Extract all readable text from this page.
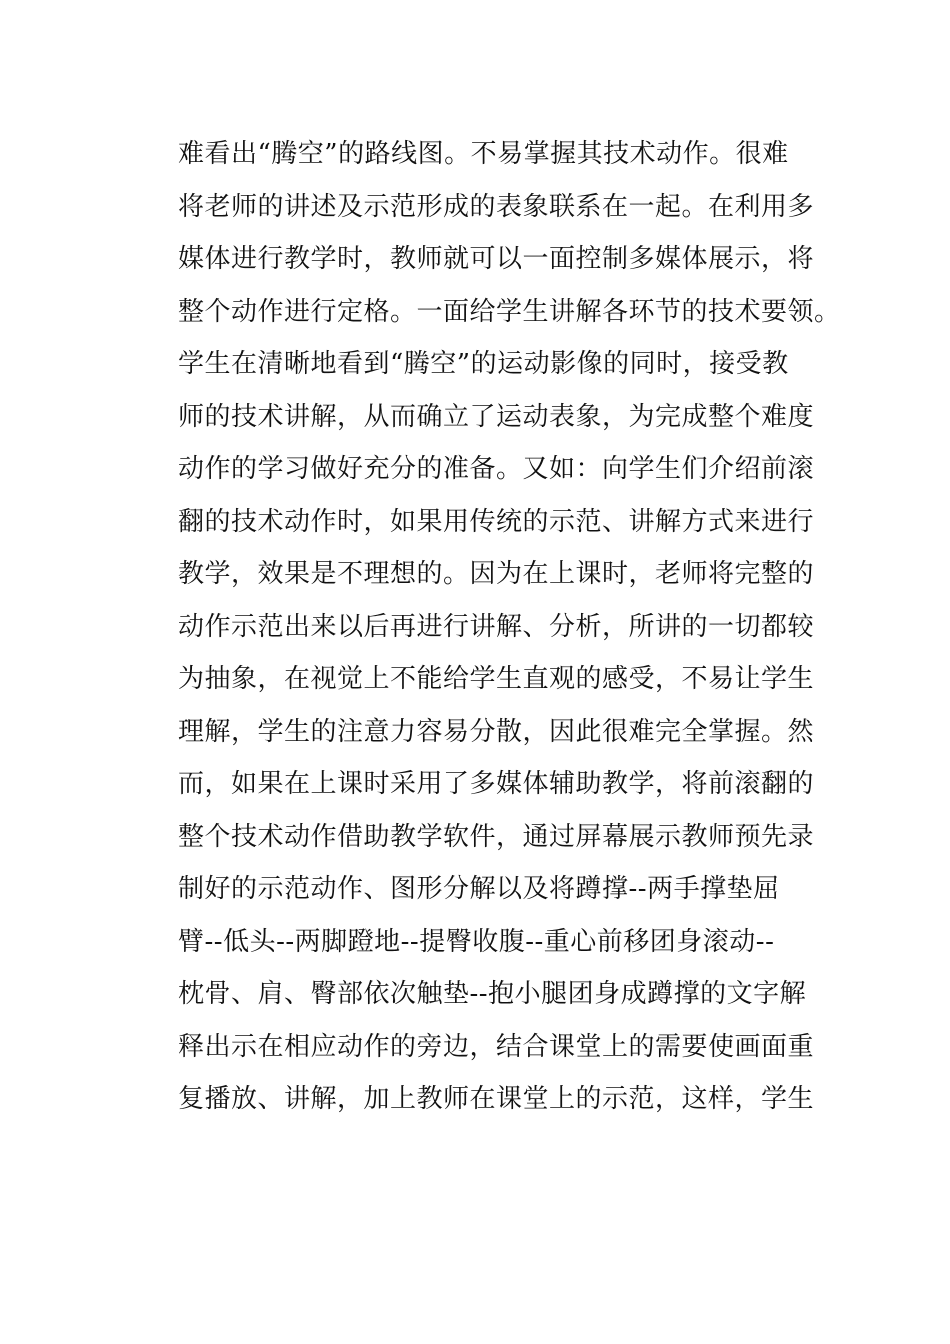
难看出“腾空”的路线图。不易掌握其技术动作。很难
将老师的讲述及示范形成的表象联系在一起。在利用多
媒体进行教学时，教师就可以一面控制多媒体展示，将
整个动作进行定格。一面给学生讲解各环节的技术要领。
学生在清晰地看到“腾空”的运动影像的同时，接受教
师的技术讲解，从而确立了运动表象，为完成整个难度
动作的学习做好充分的准备。又如：向学生们介绍前滚
翻的技术动作时，如果用传统的示范、讲解方式来进行
教学，效果是不理想的。因为在上课时，老师将完整的
动作示范出来以后再进行讲解、分析，所讲的一切都较
为抽象，在视觉上不能给学生直观的感受，不易让学生
理解，学生的注意力容易分散，因此很难完全掌握。然
而，如果在上课时采用了多媒体辅助教学，将前滚翻的
整个技术动作借助教学软件，通过屏幕展示教师预先录
制好的示范动作、图形分解以及将蹲撑--两手撑垫屈
臂--低头--两脚蹬地--提臀收腹--重心前移团身滚动--
枕骨、肩、臀部依次触垫--抱小腿团身成蹲撑的文字解
释出示在相应动作的旁边，结合课堂上的需要使画面重
复播放、讲解，加上教师在课堂上的示范，这样，学生
